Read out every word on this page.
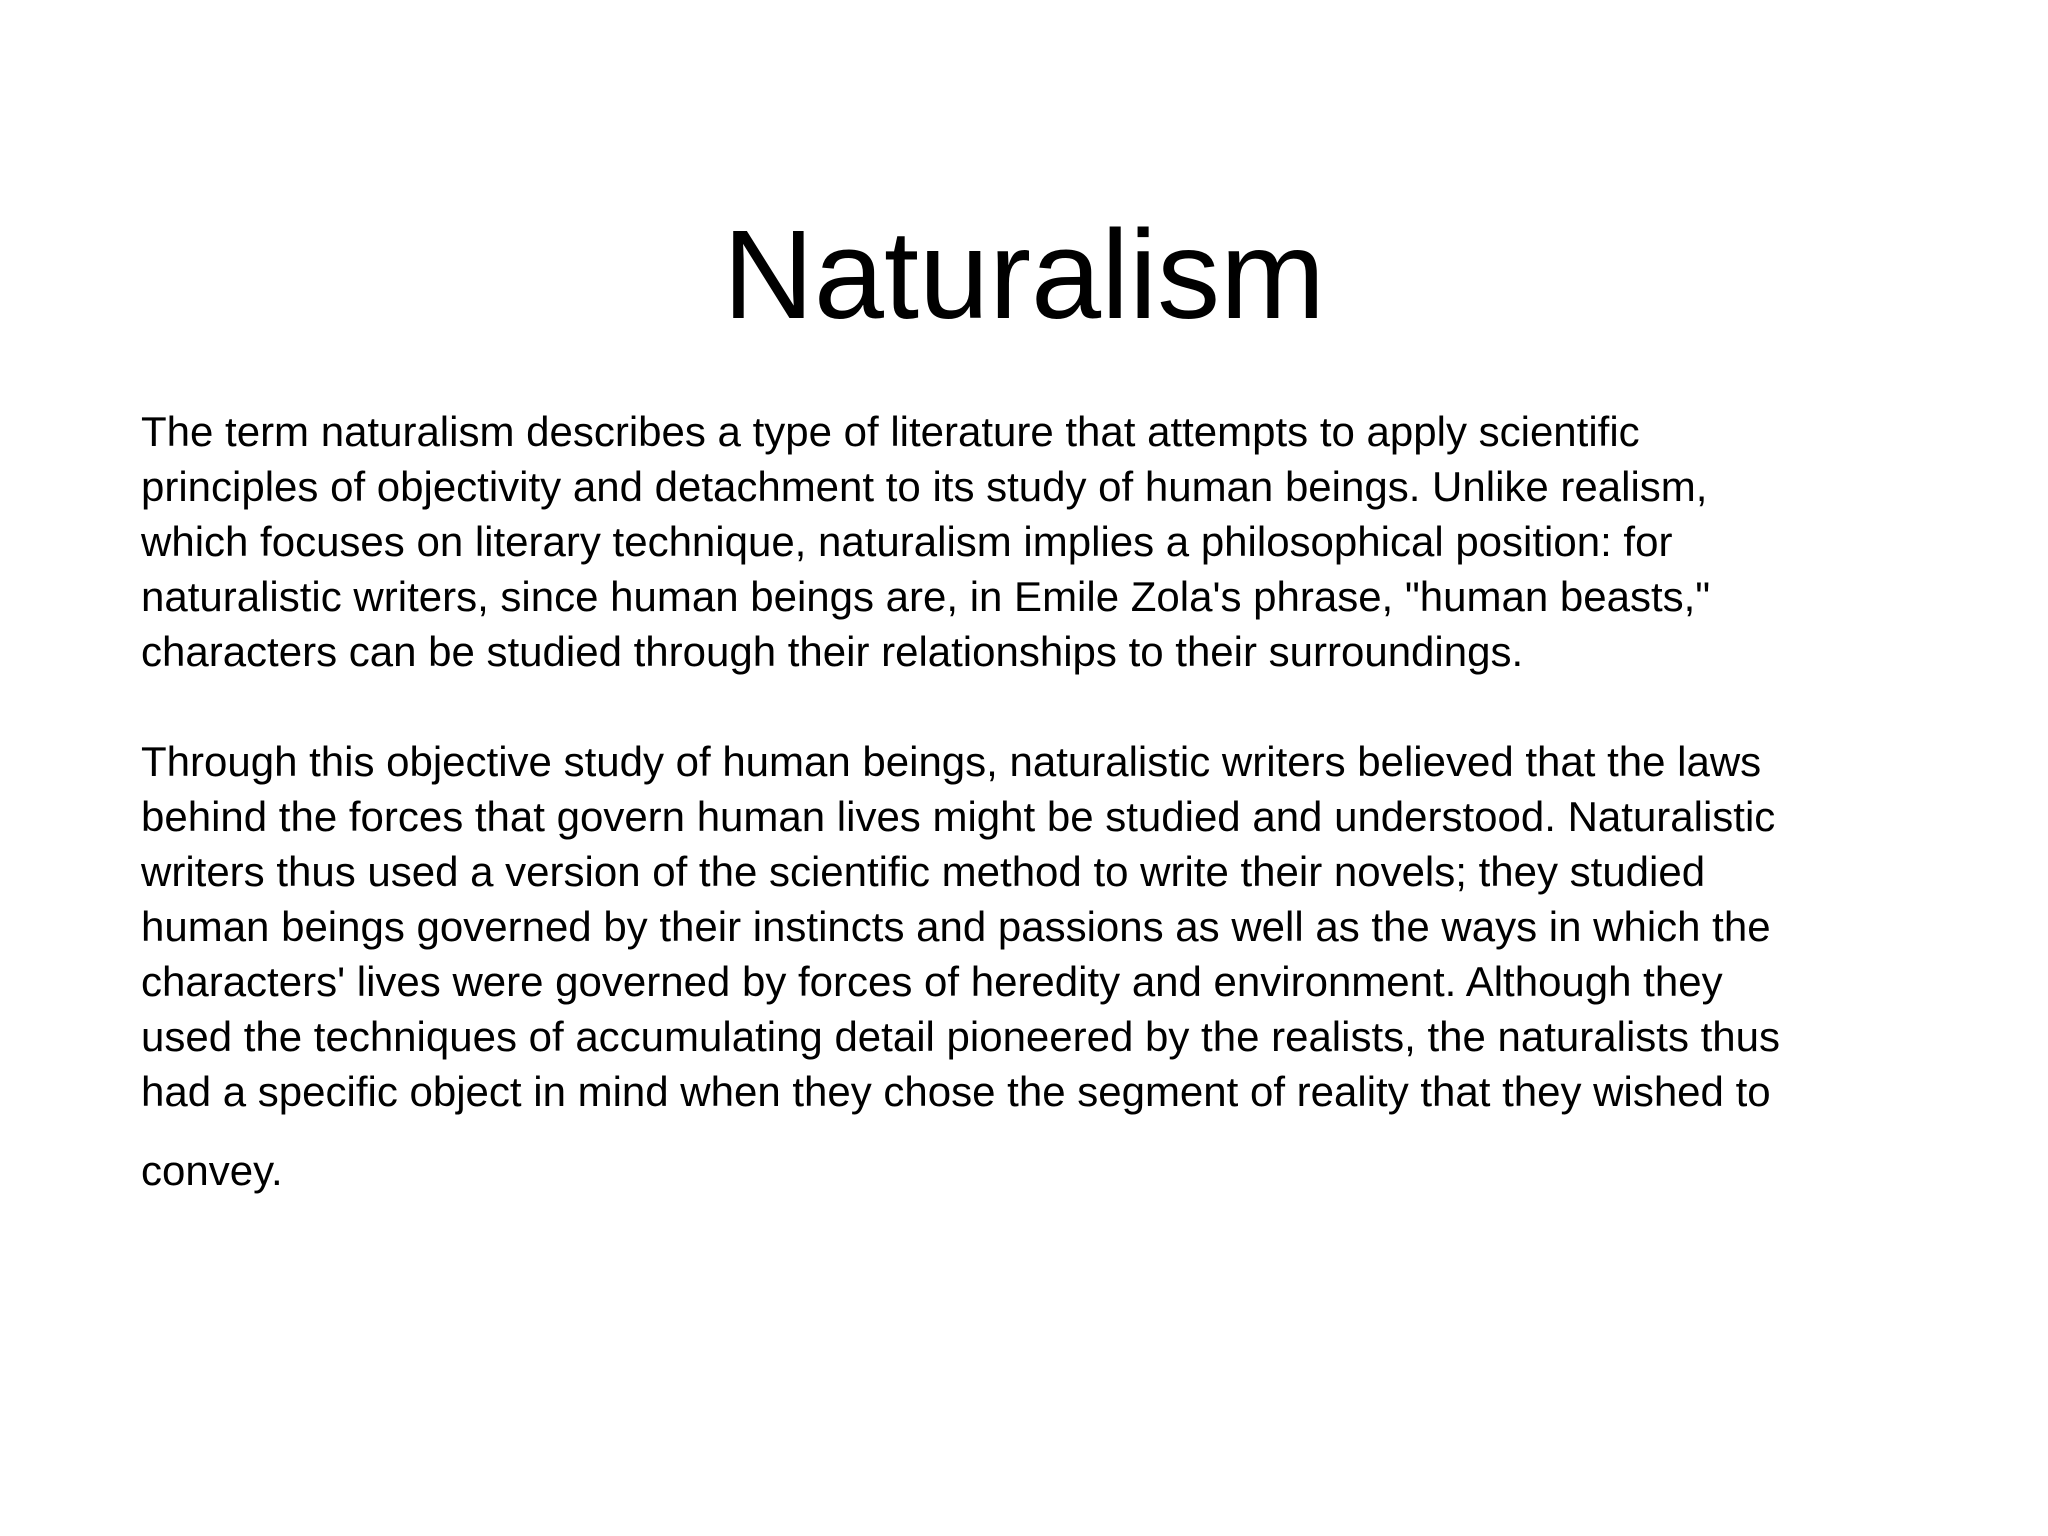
Naturalism

The term naturalism describes a type of literature that attempts to apply scientific
principles of objectivity and detachment to its study of human beings. Unlike realism,
which focuses on literary technique, naturalism implies a philosophical position: for
naturalistic writers, since human beings are, in Emile Zola's phrase, "human beasts,"
characters can be studied through their relationships to their surroundings.

Through this objective study of human beings, naturalistic writers believed that the laws
behind the forces that govern human lives might be studied and understood. Naturalistic
writers thus used a version of the scientific method to write their novels; they studied
human beings governed by their instincts and passions as well as the ways in which the
characters' lives were governed by forces of heredity and environment. Although they
used the techniques of accumulating detail pioneered by the realists, the naturalists thus
had a specific object in mind when they chose the segment of reality that they wished to
convey.
